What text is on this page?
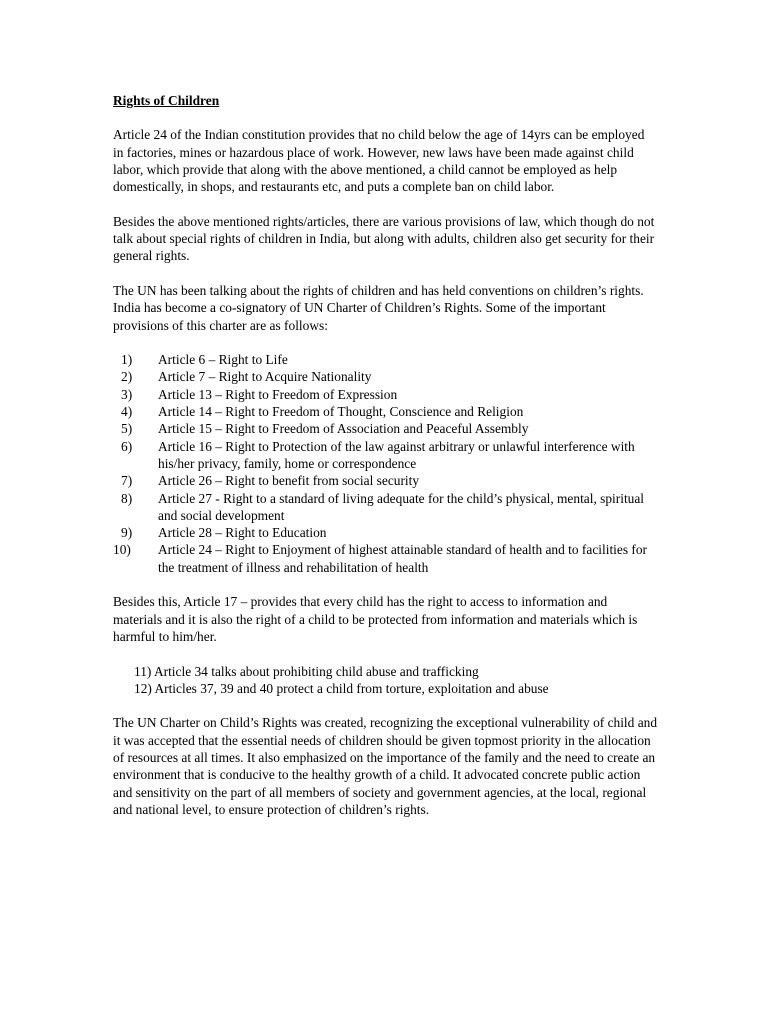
Rights of Children

Article 24 of the Indian constitution provides that no child below the age of 14yrs can be employed in factories, mines or hazardous place of work. However, new laws have been made against child labor, which provide that along with the above mentioned, a child cannot be employed as help domestically, in shops, and restaurants etc, and puts a complete ban on child labor.

Besides the above mentioned rights/articles, there are various provisions of law, which though do not talk about special rights of children in India, but along with adults, children also get security for their general rights.

The UN has been talking about the rights of children and has held conventions on children’s rights. India has become a co-signatory of UN Charter of Children’s Rights. Some of the important provisions of this charter are as follows:

1)	Article 6 – Right to Life
2)	Article 7 – Right to Acquire Nationality
3)	Article 13 – Right to Freedom of Expression
4)	Article 14 – Right to Freedom of Thought, Conscience and Religion
5)	Article 15 – Right to Freedom of Association and Peaceful Assembly
6)	Article 16 – Right to Protection of the law against arbitrary or unlawful interference with his/her privacy, family, home or correspondence
7)	Article 26 – Right to benefit from social security
8)	Article 27 - Right to a standard of living adequate for the child’s physical, mental, spiritual and social development
9)	Article 28 – Right to Education
10)	Article 24 – Right to Enjoyment of highest attainable standard of health and to facilities for the treatment of illness and rehabilitation of health

Besides this, Article 17 – provides that every child has the right to access to information and materials and it is also the right of a child to be protected from information and materials which is harmful to him/her.

11) Article 34 talks about prohibiting child abuse and trafficking
12) Articles 37, 39 and 40 protect a child from torture, exploitation and abuse

The UN Charter on Child’s Rights was created, recognizing the exceptional vulnerability of child and it was accepted that the essential needs of children should be given topmost priority in the allocation of resources at all times. It also emphasized on the importance of the family and the need to create an environment that is conducive to the healthy growth of a child. It advocated concrete public action and sensitivity on the part of all members of society and government agencies, at the local, regional and national level, to ensure protection of children’s rights.
